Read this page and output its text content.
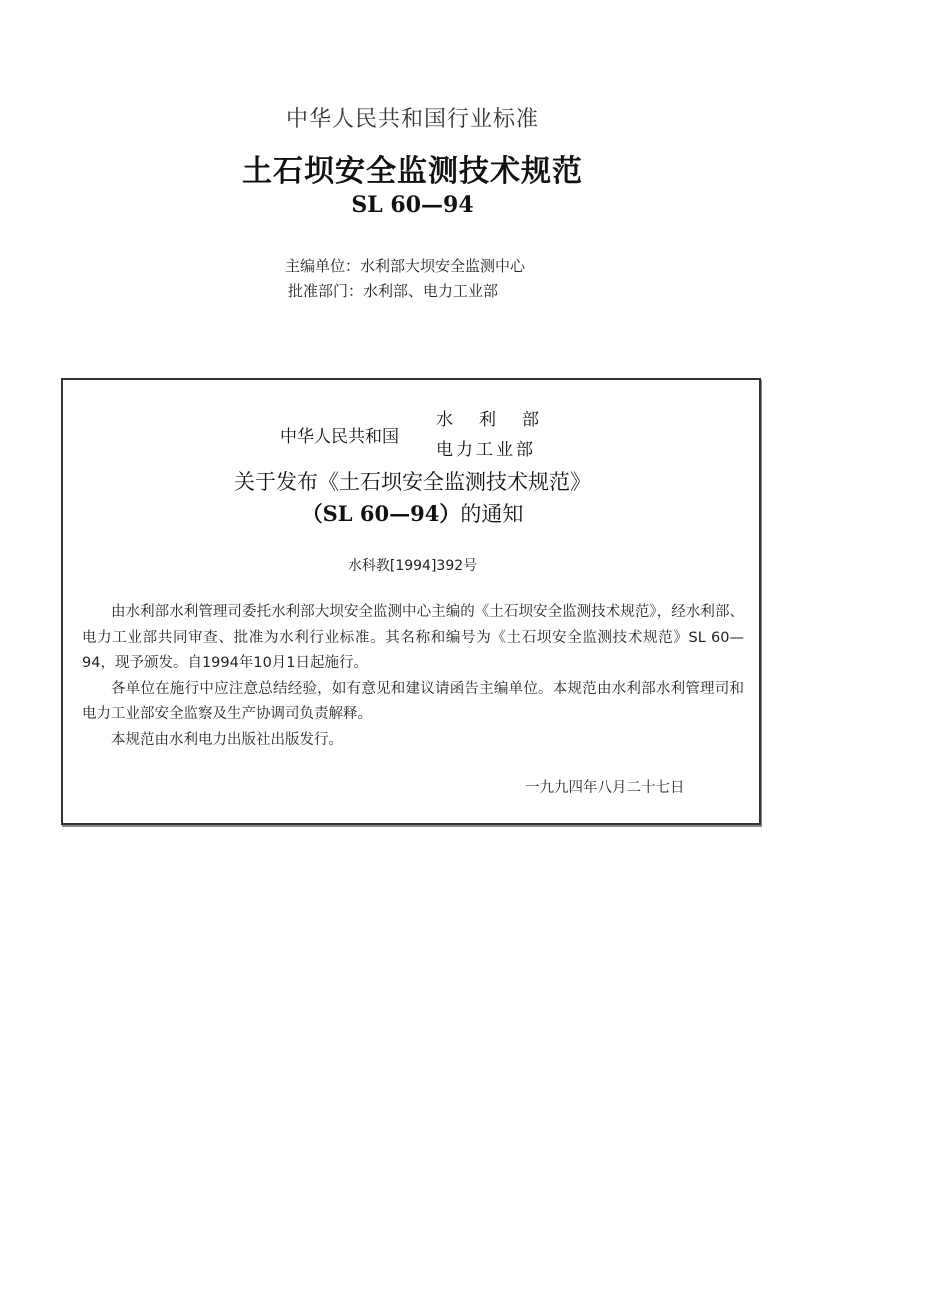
中华人民共和国行业标准
土石坝安全监测技术规范
SL 60—94
主编单位：水利部大坝安全监测中心
批准部门：水利部、电力工业部
中华人民共和国
水利部
电力工业部
关于发布《土石坝安全监测技术规范》
（SL 60—94）的通知
水科教[1994]392号

由水利部水利管理司委托水利部大坝安全监测中心主编的《土石坝安全监测技术规范》，经水利部、电力工业部共同审查、批准为水利行业标准。其名称和编号为《土石坝安全监测技术规范》SL 60—94，现予颁发。自1994年10月1日起施行。

各单位在施行中应注意总结经验，如有意见和建议请函告主编单位。本规范由水利部水利管理司和电力工业部安全监察及生产协调司负责解释。

本规范由水利电力出版社出版发行。

一九九四年八月二十七日
